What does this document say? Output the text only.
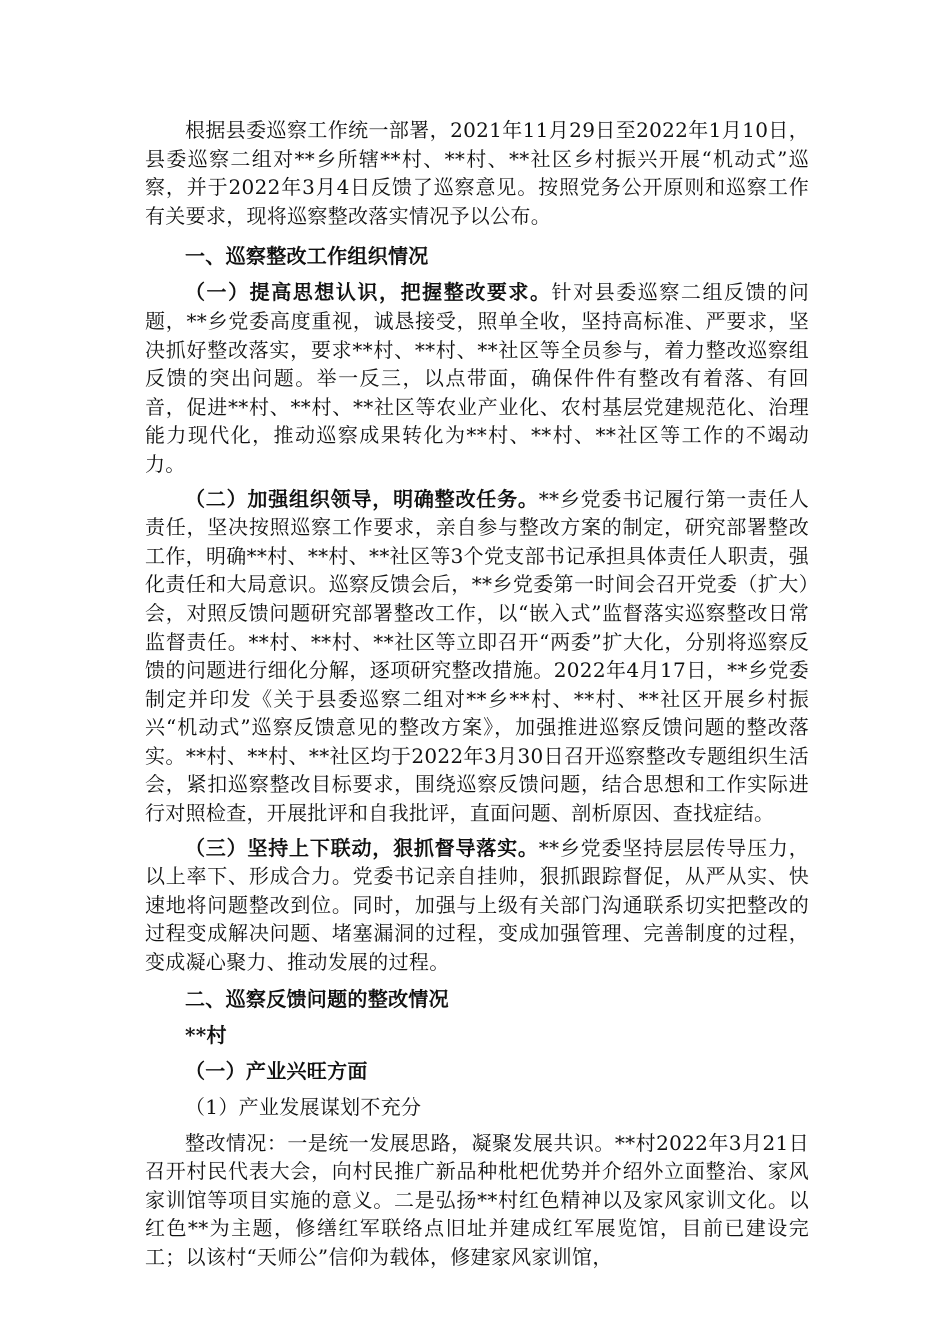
根据县委巡察工作统一部署，2021年11月29日至2022年1月10日，县委巡察二组对**乡所辖**村、**村、**社区乡村振兴开展“机动式”巡察，并于2022年3月4日反馈了巡察意见。按照党务公开原则和巡察工作有关要求，现将巡察整改落实情况予以公布。

一、巡察整改工作组织情况

（一）提高思想认识，把握整改要求。针对县委巡察二组反馈的问题，**乡党委高度重视，诚恳接受，照单全收，坚持高标准、严要求，坚决抓好整改落实，要求**村、**村、**社区等全员参与，着力整改巡察组反馈的突出问题。举一反三，以点带面，确保件件有整改有着落、有回音，促进**村、**村、**社区等农业产业化、农村基层党建规范化、治理能力现代化，推动巡察成果转化为**村、**村、**社区等工作的不竭动力。

（二）加强组织领导，明确整改任务。**乡党委书记履行第一责任人责任，坚决按照巡察工作要求，亲自参与整改方案的制定，研究部署整改工作，明确**村、**村、**社区等3个党支部书记承担具体责任人职责，强化责任和大局意识。巡察反馈会后，**乡党委第一时间会召开党委（扩大）会，对照反馈问题研究部署整改工作，以“嵌入式”监督落实巡察整改日常监督责任。**村、**村、**社区等立即召开“两委”扩大化，分别将巡察反馈的问题进行细化分解，逐项研究整改措施。2022年4月17日，**乡党委制定并印发《关于县委巡察二组对**乡**村、**村、**社区开展乡村振兴“机动式”巡察反馈意见的整改方案》，加强推进巡察反馈问题的整改落实。**村、**村、**社区均于2022年3月30日召开巡察整改专题组织生活会，紧扣巡察整改目标要求，围绕巡察反馈问题，结合思想和工作实际进行对照检查，开展批评和自我批评，直面问题、剖析原因、查找症结。

（三）坚持上下联动，狠抓督导落实。**乡党委坚持层层传导压力，以上率下、形成合力。党委书记亲自挂帅，狠抓跟踪督促，从严从实、快速地将问题整改到位。同时，加强与上级有关部门沟通联系切实把整改的过程变成解决问题、堵塞漏洞的过程，变成加强管理、完善制度的过程，变成凝心聚力、推动发展的过程。

二、巡察反馈问题的整改情况

**村

（一）产业兴旺方面

（1）产业发展谋划不充分

整改情况：一是统一发展思路，凝聚发展共识。**村2022年3月21日召开村民代表大会，向村民推广新品种枇杷优势并介绍外立面整治、家风家训馆等项目实施的意义。二是弘扬**村红色精神以及家风家训文化。以红色**为主题，修缮红军联络点旧址并建成红军展览馆，目前已建设完工；以该村“天师公”信仰为载体，修建家风家训馆，
